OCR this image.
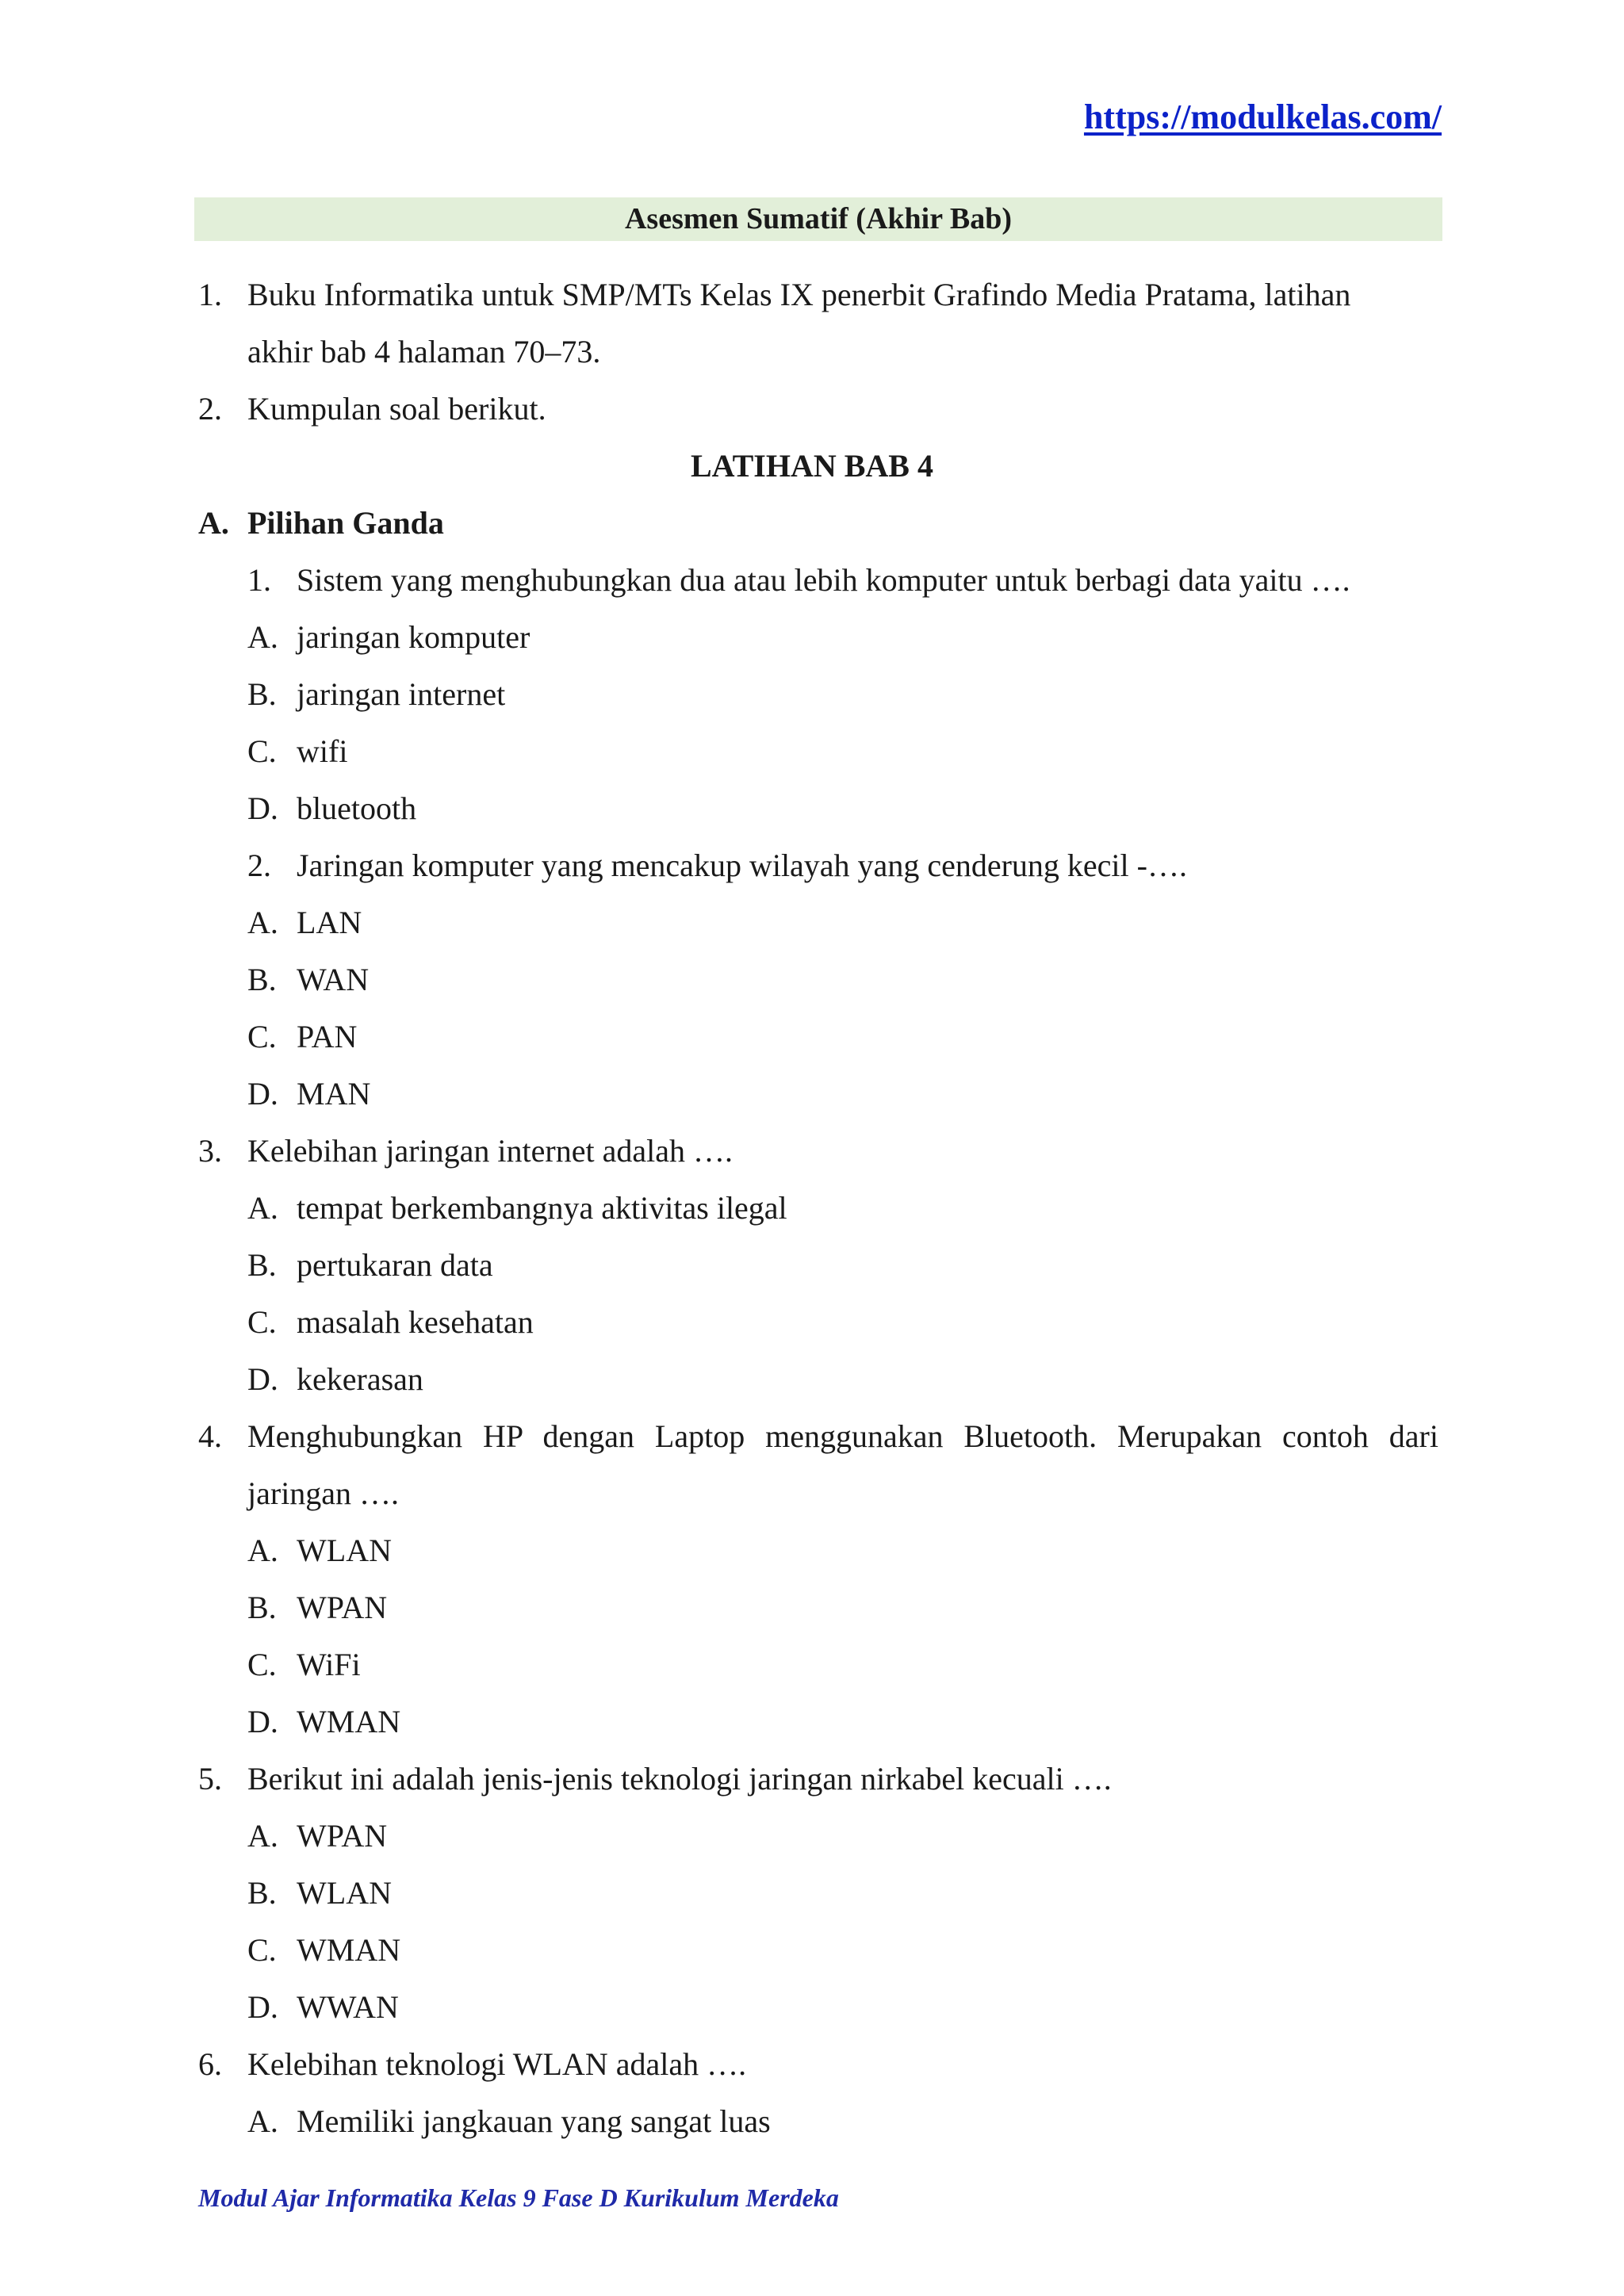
https://modulkelas.com/
Asesmen Sumatif (Akhir Bab)
1. Buku Informatika untuk SMP/MTs Kelas IX penerbit Grafindo Media Pratama, latihan
akhir bab 4 halaman 70–73.
2. Kumpulan soal berikut.
LATIHAN BAB 4
A. Pilihan Ganda
1. Sistem yang menghubungkan dua atau lebih komputer untuk berbagi data yaitu ….
A. jaringan komputer
B. jaringan internet
C. wifi
D. bluetooth
2. Jaringan komputer yang mencakup wilayah yang cenderung kecil -….
A. LAN
B. WAN
C. PAN
D. MAN
3. Kelebihan jaringan internet adalah ….
A. tempat berkembangnya aktivitas ilegal
B. pertukaran data
C. masalah kesehatan
D. kekerasan
4. Menghubungkan HP dengan Laptop menggunakan Bluetooth. Merupakan contoh dari
jaringan ….
A. WLAN
B. WPAN
C. WiFi
D. WMAN
5. Berikut ini adalah jenis-jenis teknologi jaringan nirkabel kecuali ….
A. WPAN
B. WLAN
C. WMAN
D. WWAN
6. Kelebihan teknologi WLAN adalah ….
A. Memiliki jangkauan yang sangat luas
Modul Ajar Informatika Kelas 9 Fase D Kurikulum Merdeka
